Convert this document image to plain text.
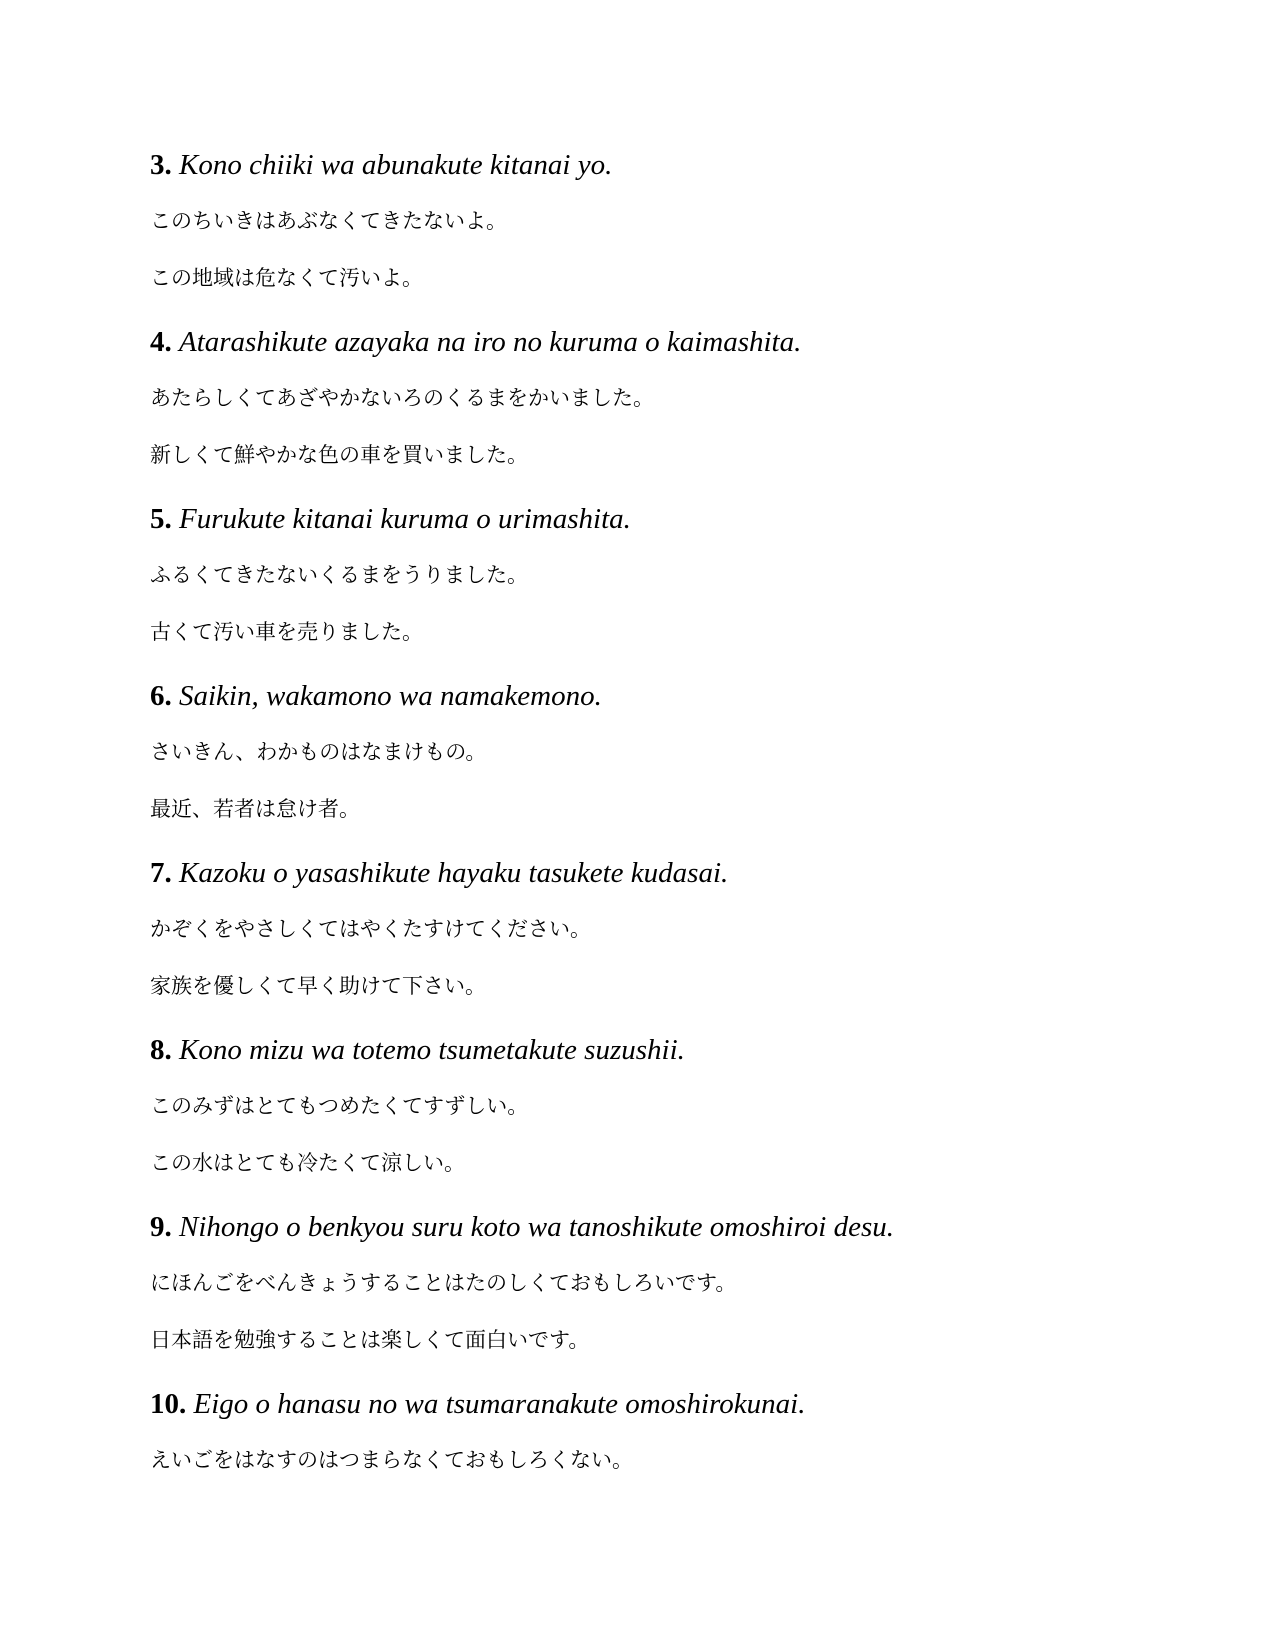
3. Kono chiiki wa abunakute kitanai yo.
このちいきはあぶなくてきたないよ。
この地域は危なくて汚いよ。
4. Atarashikute azayaka na iro no kuruma o kaimashita.
あたらしくてあざやかないろのくるまをかいました。
新しくて鮮やかな色の車を買いました。
5. Furukute kitanai kuruma o urimashita.
ふるくてきたないくるまをうりました。
古くて汚い車を売りました。
6. Saikin, wakamono wa namakemono.
さいきん、わかものはなまけもの。
最近、若者は怠け者。
7. Kazoku o yasashikute hayaku tasukete kudasai.
かぞくをやさしくてはやくたすけてください。
家族を優しくて早く助けて下さい。
8. Kono mizu wa totemo tsumetakute suzushii.
このみずはとてもつめたくてすずしい。
この水はとても冷たくて涼しい。
9. Nihongo o benkyou suru koto wa tanoshikute omoshiroi desu.
にほんごをべんきょうすることはたのしくておもしろいです。
日本語を勉強することは楽しくて面白いです。
10. Eigo o hanasu no wa tsumaranakute omoshirokunai.
えいごをはなすのはつまらなくておもしろくない。
